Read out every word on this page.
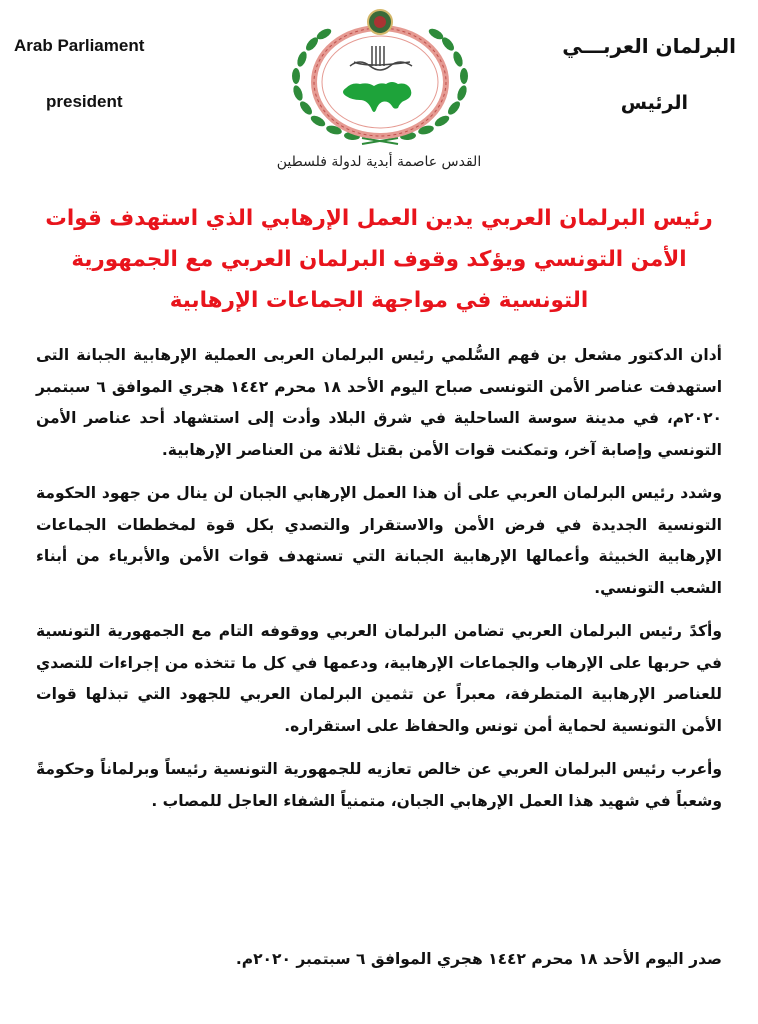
Arab Parliament
president
البرلمان العربـــي
الرئيس
القدس عاصمة أبدية لدولة فلسطين
رئيس البرلمان العربي يدين العمل الإرهابي الذي استهدف قوات الأمن التونسي ويؤكد وقوف البرلمان العربي مع الجمهورية التونسية في مواجهة الجماعات الإرهابية

أدان الدكتور مشعل بن فهم السُّلمي رئيس البرلمان العربى العملية الإرهابية الجبانة التى استهدفت عناصر الأمن التونسى صباح اليوم الأحد ١٨ محرم ١٤٤٢ هجري الموافق ٦ سبتمبر ٢٠٢٠م، في مدينة سوسة الساحلية في شرق البلاد وأدت إلى استشهاد أحد عناصر الأمن التونسي وإصابة آخر، وتمكنت قوات الأمن بقتل ثلاثة من العناصر الإرهابية.

وشدد رئيس البرلمان العربي على أن هذا العمل الإرهابي الجبان لن ينال من جهود الحكومة التونسية الجديدة في فرض الأمن والاستقرار والتصدي بكل قوة لمخططات الجماعات الإرهابية الخبيثة وأعمالها الإرهابية الجبانة التي تستهدف قوات الأمن والأبرياء من أبناء الشعب التونسي.

وأكدً رئيس البرلمان العربي تضامن البرلمان العربي ووقوفه التام مع الجمهورية التونسية في حربها على الإرهاب والجماعات الإرهابية، ودعمها في كل ما تتخذه من إجراءات للتصدي للعناصر الإرهابية المتطرفة، معبراً عن تثمين البرلمان العربي للجهود التي تبذلها قوات الأمن التونسية لحماية أمن تونس والحفاظ على استقراره.

وأعرب رئيس البرلمان العربي عن خالص تعازيه للجمهورية التونسية رئيساً وبرلماناً وحكومةً وشعباً في شهيد هذا العمل الإرهابي الجبان، متمنياً الشفاء العاجل للمصاب .

صدر اليوم الأحد ١٨ محرم ١٤٤٢ هجري الموافق ٦ سبتمبر ٢٠٢٠م.
